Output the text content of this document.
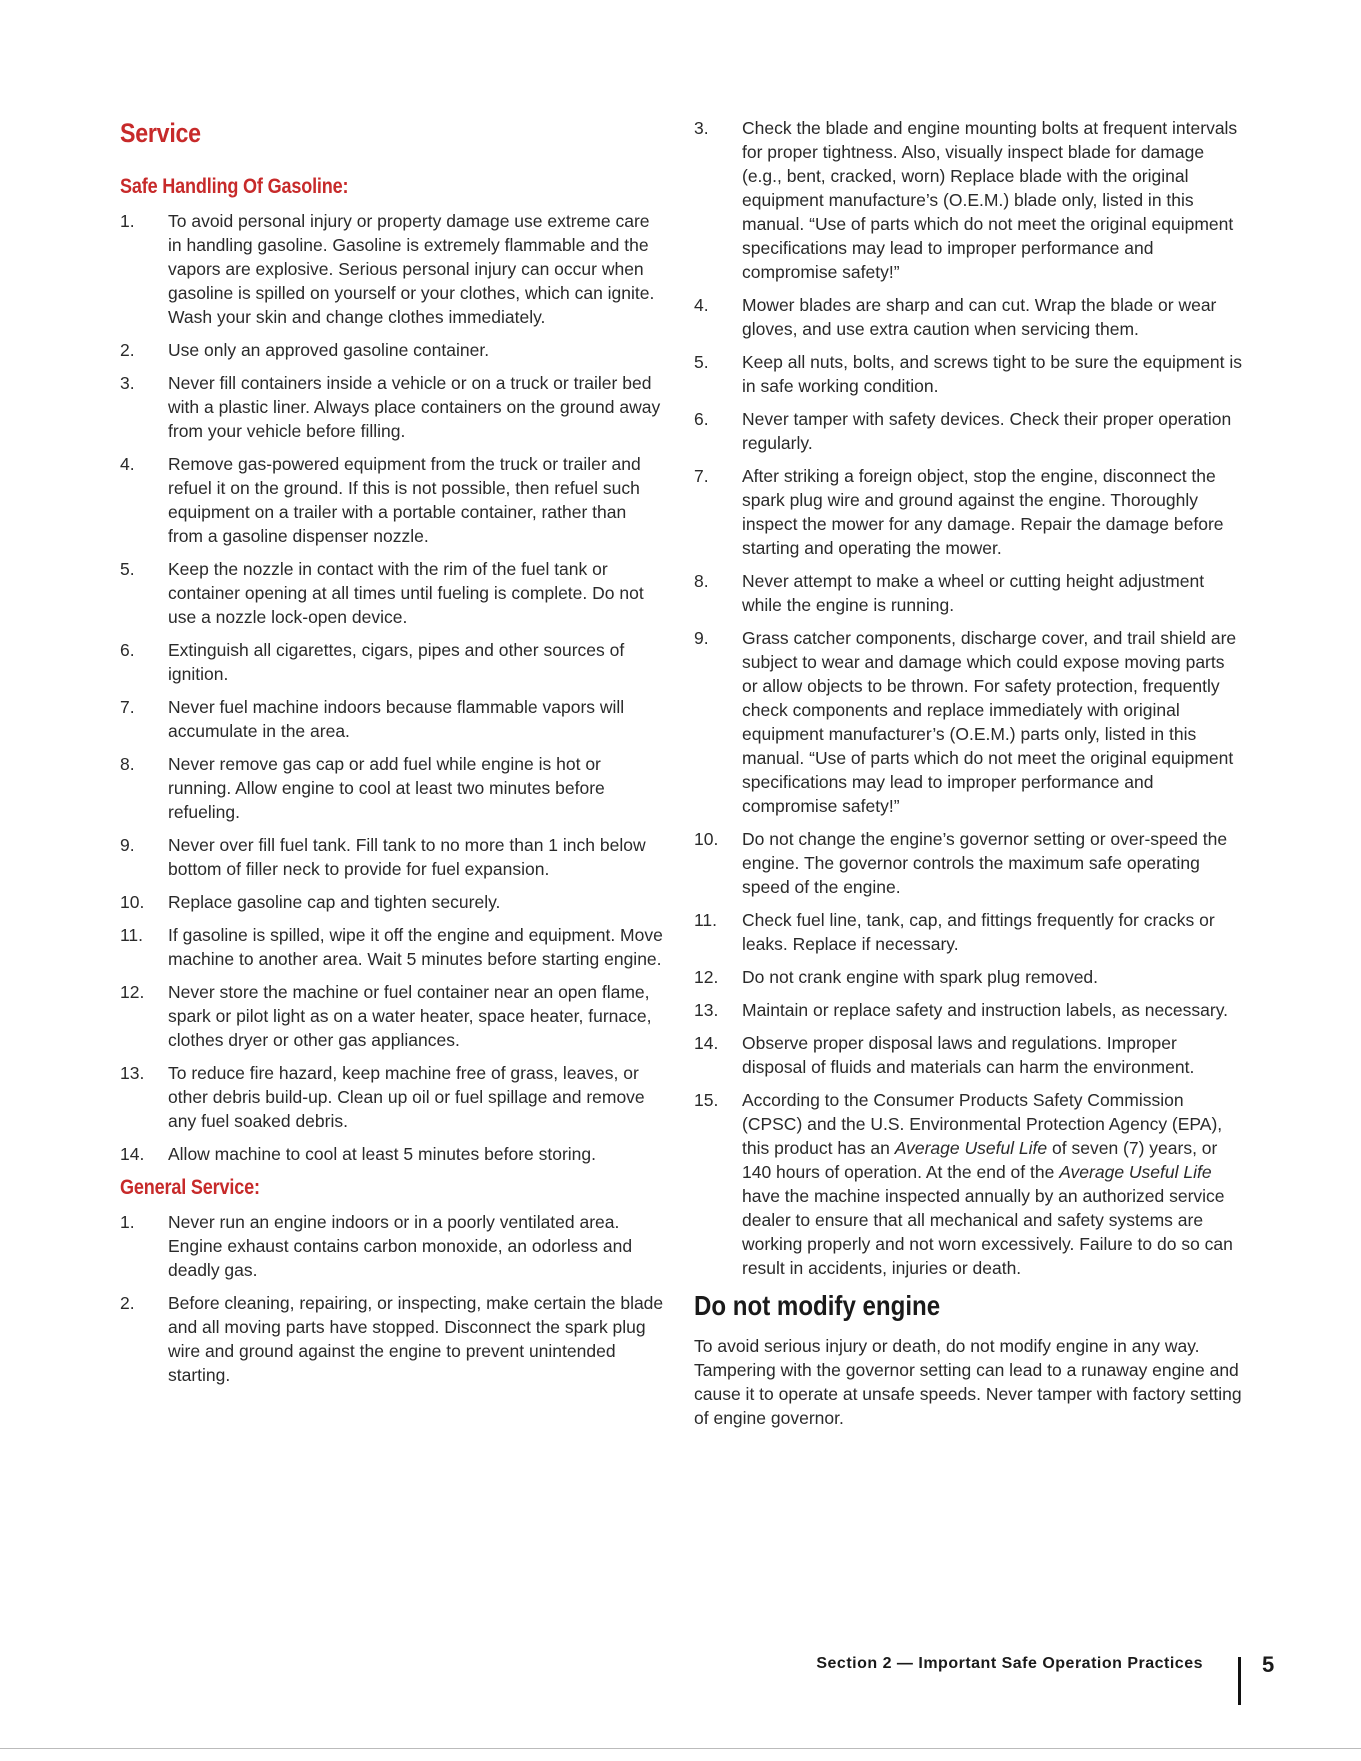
Service
Safe Handling Of Gasoline:
1. To avoid personal injury or property damage use extreme care in handling gasoline. Gasoline is extremely flammable and the vapors are explosive. Serious personal injury can occur when gasoline is spilled on yourself or your clothes, which can ignite. Wash your skin and change clothes immediately.
2. Use only an approved gasoline container.
3. Never fill containers inside a vehicle or on a truck or trailer bed with a plastic liner. Always place containers on the ground away from your vehicle before filling.
4. Remove gas-powered equipment from the truck or trailer and refuel it on the ground. If this is not possible, then refuel such equipment on a trailer with a portable container, rather than from a gasoline dispenser nozzle.
5. Keep the nozzle in contact with the rim of the fuel tank or container opening at all times until fueling is complete. Do not use a nozzle lock-open device.
6. Extinguish all cigarettes, cigars, pipes and other sources of ignition.
7. Never fuel machine indoors because flammable vapors will accumulate in the area.
8. Never remove gas cap or add fuel while engine is hot or running. Allow engine to cool at least two minutes before refueling.
9. Never over fill fuel tank. Fill tank to no more than 1 inch below bottom of filler neck to provide for fuel expansion.
10. Replace gasoline cap and tighten securely.
11. If gasoline is spilled, wipe it off the engine and equipment. Move machine to another area. Wait 5 minutes before starting engine.
12. Never store the machine or fuel container near an open flame, spark or pilot light as on a water heater, space heater, furnace, clothes dryer or other gas appliances.
13. To reduce fire hazard, keep machine free of grass, leaves, or other debris build-up. Clean up oil or fuel spillage and remove any fuel soaked debris.
14. Allow machine to cool at least 5 minutes before storing.
General Service:
1. Never run an engine indoors or in a poorly ventilated area. Engine exhaust contains carbon monoxide, an odorless and deadly gas.
2. Before cleaning, repairing, or inspecting, make certain the blade and all moving parts have stopped. Disconnect the spark plug wire and ground against the engine to prevent unintended starting.
3. Check the blade and engine mounting bolts at frequent intervals for proper tightness. Also, visually inspect blade for damage (e.g., bent, cracked, worn) Replace blade with the original equipment manufacture’s (O.E.M.) blade only, listed in this manual. “Use of parts which do not meet the original equipment specifications may lead to improper performance and compromise safety!”
4. Mower blades are sharp and can cut. Wrap the blade or wear gloves, and use extra caution when servicing them.
5. Keep all nuts, bolts, and screws tight to be sure the equipment is in safe working condition.
6. Never tamper with safety devices. Check their proper operation regularly.
7. After striking a foreign object, stop the engine, disconnect the spark plug wire and ground against the engine. Thoroughly inspect the mower for any damage. Repair the damage before starting and operating the mower.
8. Never attempt to make a wheel or cutting height adjustment while the engine is running.
9. Grass catcher components, discharge cover, and trail shield are subject to wear and damage which could expose moving parts or allow objects to be thrown. For safety protection, frequently check components and replace immediately with original equipment manufacturer’s (O.E.M.) parts only, listed in this manual. “Use of parts which do not meet the original equipment specifications may lead to improper performance and compromise safety!”
10. Do not change the engine’s governor setting or over-speed the engine. The governor controls the maximum safe operating speed of the engine.
11. Check fuel line, tank, cap, and fittings frequently for cracks or leaks. Replace if necessary.
12. Do not crank engine with spark plug removed.
13. Maintain or replace safety and instruction labels, as necessary.
14. Observe proper disposal laws and regulations. Improper disposal of fluids and materials can harm the environment.
15. According to the Consumer Products Safety Commission (CPSC) and the U.S. Environmental Protection Agency (EPA), this product has an Average Useful Life of seven (7) years, or 140 hours of operation. At the end of the Average Useful Life have the machine inspected annually by an authorized service dealer to ensure that all mechanical and safety systems are working properly and not worn excessively. Failure to do so can result in accidents, injuries or death.
Do not modify engine

To avoid serious injury or death, do not modify engine in any way. Tampering with the governor setting can lead to a runaway engine and cause it to operate at unsafe speeds. Never tamper with factory setting of engine governor.

Section 2 — Important Safe Operation Practices	5
